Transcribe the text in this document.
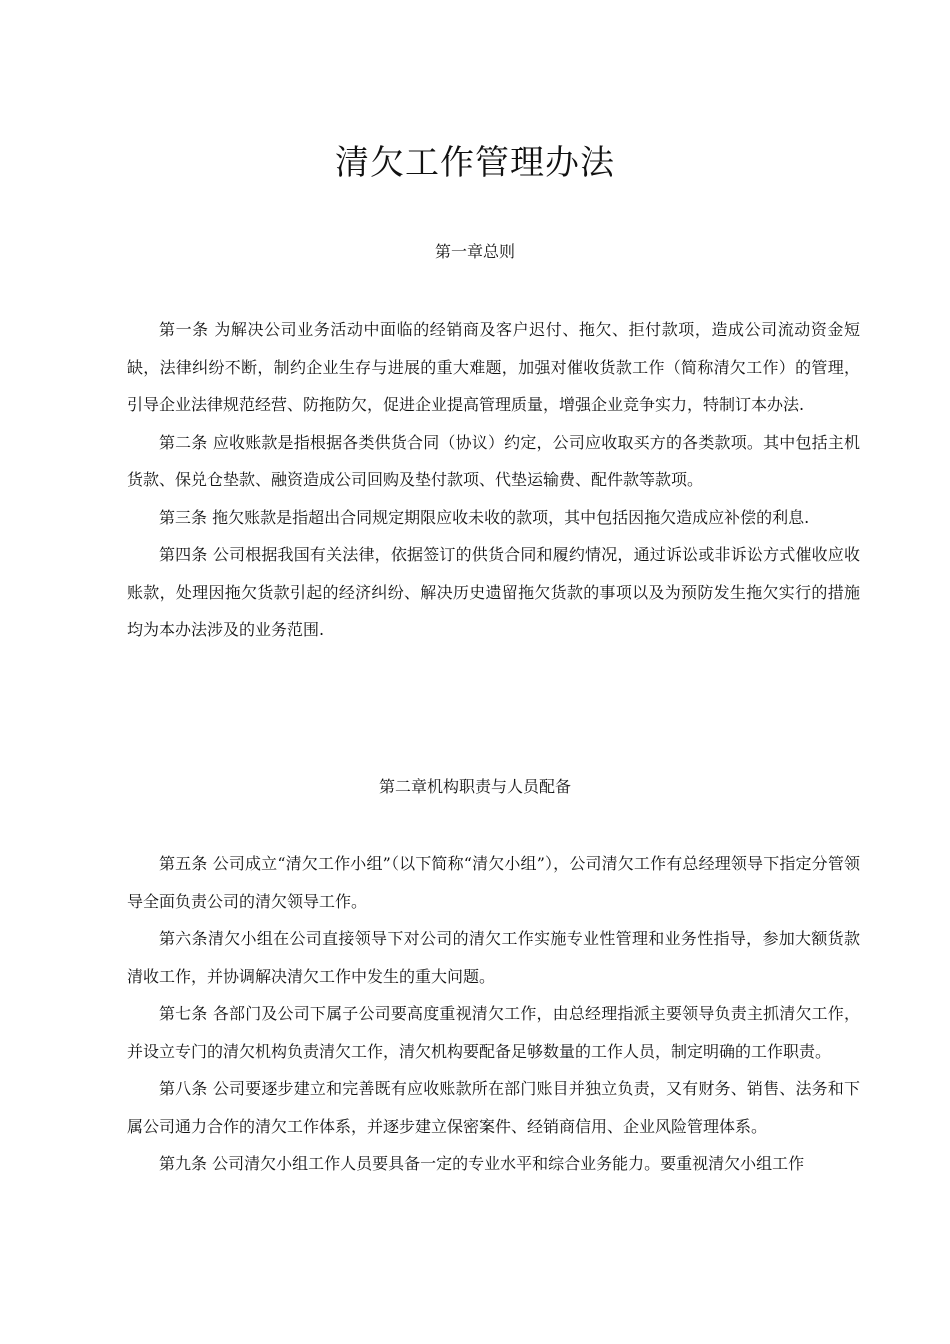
清欠工作管理办法
第一章总则

第一条 为解决公司业务活动中面临的经销商及客户迟付、拖欠、拒付款项，造成公司流动资金短缺，法律纠纷不断，制约企业生存与进展的重大难题，加强对催收货款工作（简称清欠工作）的管理，引导企业法律规范经营、防拖防欠，促进企业提高管理质量，增强企业竞争实力，特制订本办法.

第二条 应收账款是指根据各类供货合同（协议）约定，公司应收取买方的各类款项。其中包括主机货款、保兑仓垫款、融资造成公司回购及垫付款项、代垫运输费、配件款等款项。

第三条 拖欠账款是指超出合同规定期限应收未收的款项，其中包括因拖欠造成应补偿的利息.

第四条 公司根据我国有关法律，依据签订的供货合同和履约情况，通过诉讼或非诉讼方式催收应收账款，处理因拖欠货款引起的经济纠纷、解决历史遗留拖欠货款的事项以及为预防发生拖欠实行的措施均为本办法涉及的业务范围.

第二章机构职责与人员配备

第五条 公司成立“清欠工作小组”（以下简称“清欠小组”），公司清欠工作有总经理领导下指定分管领导全面负责公司的清欠领导工作。

第六条清欠小组在公司直接领导下对公司的清欠工作实施专业性管理和业务性指导，参加大额货款清收工作，并协调解决清欠工作中发生的重大问题。

第七条 各部门及公司下属子公司要高度重视清欠工作，由总经理指派主要领导负责主抓清欠工作，并设立专门的清欠机构负责清欠工作，清欠机构要配备足够数量的工作人员，制定明确的工作职责。

第八条 公司要逐步建立和完善既有应收账款所在部门账目并独立负责，又有财务、销售、法务和下属公司通力合作的清欠工作体系，并逐步建立保密案件、经销商信用、企业风险管理体系。

第九条 公司清欠小组工作人员要具备一定的专业水平和综合业务能力。要重视清欠小组工作
